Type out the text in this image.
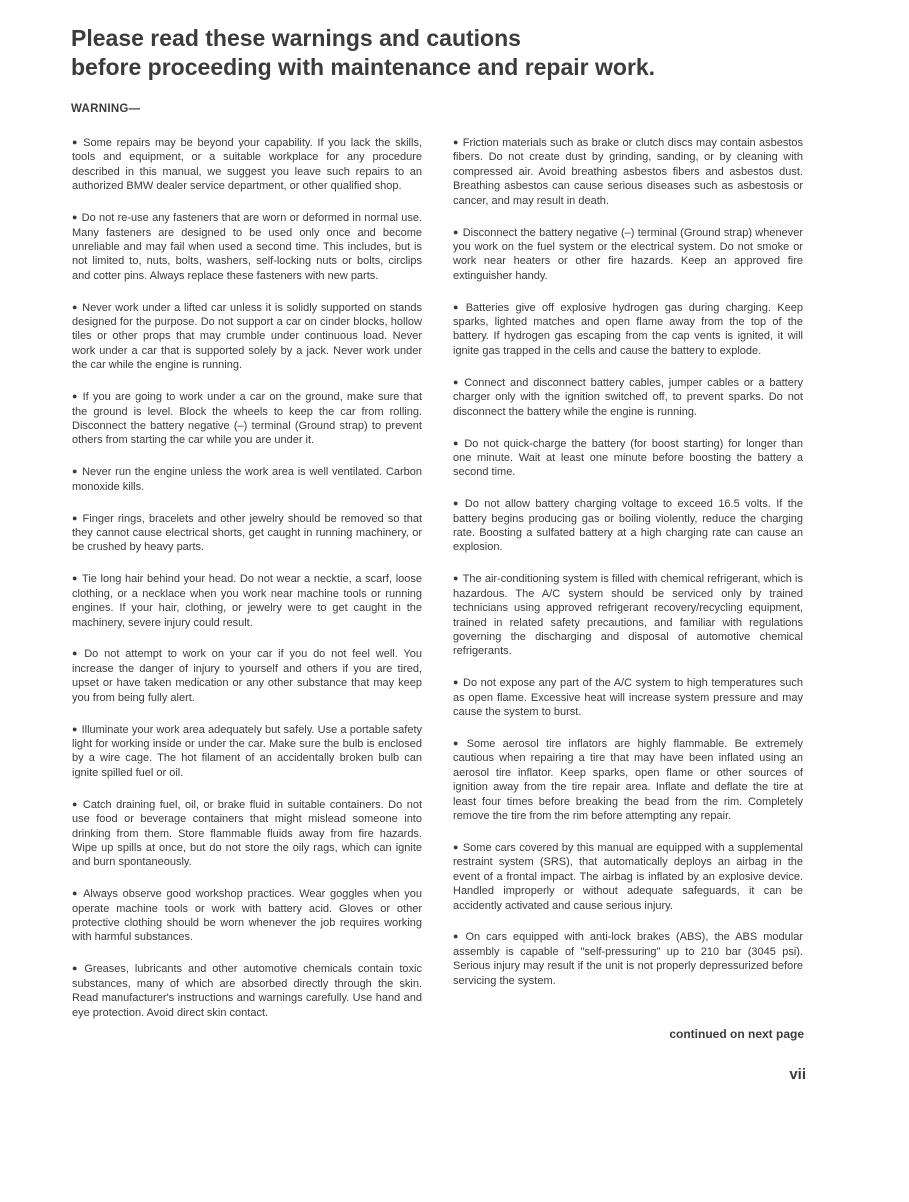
Please read these warnings and cautions
before proceeding with maintenance and repair work.
WARNING—

● Some repairs may be beyond your capability. If you lack the skills, tools and equipment, or a suitable workplace for any procedure described in this manual, we suggest you leave such repairs to an authorized BMW dealer service department, or other qualified shop.

● Do not re-use any fasteners that are worn or deformed in normal use. Many fasteners are designed to be used only once and become unreliable and may fail when used a second time. This includes, but is not limited to, nuts, bolts, washers, self-locking nuts or bolts, circlips and cotter pins. Always replace these fasteners with new parts.

● Never work under a lifted car unless it is solidly supported on stands designed for the purpose. Do not support a car on cinder blocks, hollow tiles or other props that may crumble under continuous load. Never work under a car that is supported solely by a jack. Never work under the car while the engine is running.

● If you are going to work under a car on the ground, make sure that the ground is level. Block the wheels to keep the car from rolling. Disconnect the battery negative (–) terminal (Ground strap) to prevent others from starting the car while you are under it.

● Never run the engine unless the work area is well ventilated. Carbon monoxide kills.

● Finger rings, bracelets and other jewelry should be removed so that they cannot cause electrical shorts, get caught in running machinery, or be crushed by heavy parts.

● Tie long hair behind your head. Do not wear a necktie, a scarf, loose clothing, or a necklace when you work near machine tools or running engines. If your hair, clothing, or jewelry were to get caught in the machinery, severe injury could result.

● Do not attempt to work on your car if you do not feel well. You increase the danger of injury to yourself and others if you are tired, upset or have taken medication or any other substance that may keep you from being fully alert.

● Illuminate your work area adequately but safely. Use a portable safety light for working inside or under the car. Make sure the bulb is enclosed by a wire cage. The hot filament of an accidentally broken bulb can ignite spilled fuel or oil.

● Catch draining fuel, oil, or brake fluid in suitable containers. Do not use food or beverage containers that might mislead someone into drinking from them. Store flammable fluids away from fire hazards. Wipe up spills at once, but do not store the oily rags, which can ignite and burn spontaneously.

● Always observe good workshop practices. Wear goggles when you operate machine tools or work with battery acid. Gloves or other protective clothing should be worn whenever the job requires working with harmful substances.

● Greases, lubricants and other automotive chemicals contain toxic substances, many of which are absorbed directly through the skin. Read manufacturer's instructions and warnings carefully. Use hand and eye protection. Avoid direct skin contact.

● Friction materials such as brake or clutch discs may contain asbestos fibers. Do not create dust by grinding, sanding, or by cleaning with compressed air. Avoid breathing asbestos fibers and asbestos dust. Breathing asbestos can cause serious diseases such as asbestosis or cancer, and may result in death.

● Disconnect the battery negative (–) terminal (Ground strap) whenever you work on the fuel system or the electrical system. Do not smoke or work near heaters or other fire hazards. Keep an approved fire extinguisher handy.

● Batteries give off explosive hydrogen gas during charging. Keep sparks, lighted matches and open flame away from the top of the battery. If hydrogen gas escaping from the cap vents is ignited, it will ignite gas trapped in the cells and cause the battery to explode.

● Connect and disconnect battery cables, jumper cables or a battery charger only with the ignition switched off, to prevent sparks. Do not disconnect the battery while the engine is running.

● Do not quick-charge the battery (for boost starting) for longer than one minute. Wait at least one minute before boosting the battery a second time.

● Do not allow battery charging voltage to exceed 16.5 volts. If the battery begins producing gas or boiling violently, reduce the charging rate. Boosting a sulfated battery at a high charging rate can cause an explosion.

● The air-conditioning system is filled with chemical refrigerant, which is hazardous. The A/C system should be serviced only by trained technicians using approved refrigerant recovery/recycling equipment, trained in related safety precautions, and familiar with regulations governing the discharging and disposal of automotive chemical refrigerants.

● Do not expose any part of the A/C system to high temperatures such as open flame. Excessive heat will increase system pressure and may cause the system to burst.

● Some aerosol tire inflators are highly flammable. Be extremely cautious when repairing a tire that may have been inflated using an aerosol tire inflator. Keep sparks, open flame or other sources of ignition away from the tire repair area. Inflate and deflate the tire at least four times before breaking the bead from the rim. Completely remove the tire from the rim before attempting any repair.

● Some cars covered by this manual are equipped with a supplemental restraint system (SRS), that automatically deploys an airbag in the event of a frontal impact. The airbag is inflated by an explosive device. Handled improperly or without adequate safeguards, it can be accidently activated and cause serious injury.

● On cars equipped with anti-lock brakes (ABS), the ABS modular assembly is capable of "self-pressuring" up to 210 bar (3045 psi). Serious injury may result if the unit is not properly depressurized before servicing the system.

continued on next page
vii
